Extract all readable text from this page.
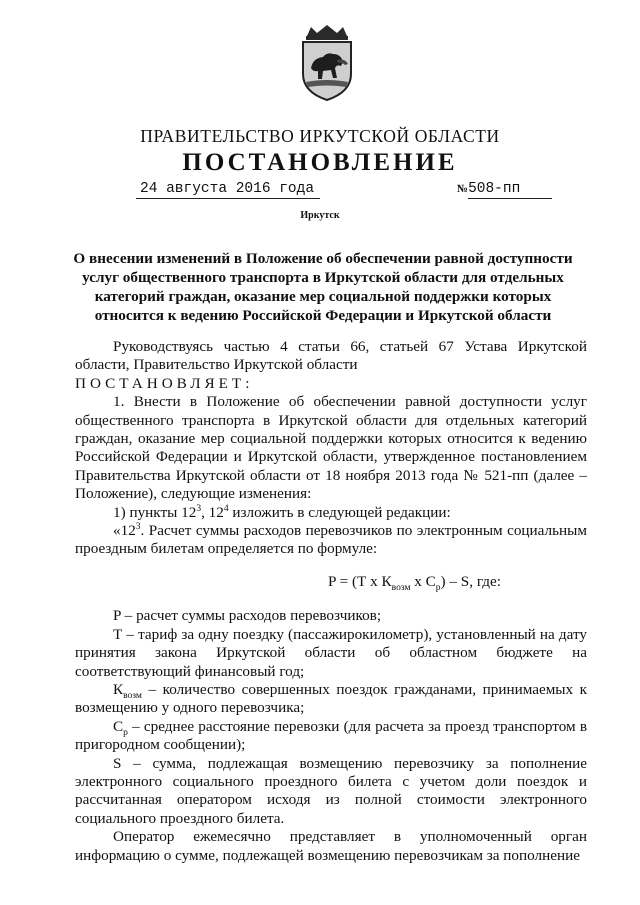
ПРАВИТЕЛЬСТВО ИРКУТСКОЙ ОБЛАСТИ
ПОСТАНОВЛЕНИЕ
24 августа 2016 года	№508-пп
Иркутск
О внесении изменений в Положение об обеспечении равной доступности услуг общественного транспорта в Иркутской области для отдельных категорий граждан, оказание мер социальной поддержки которых относится к ведению Российской Федерации и Иркутской области

Руководствуясь частью 4 статьи 66, статьей 67 Устава Иркутской области, Правительство Иркутской области

ПОСТАНОВЛЯЕТ:

1. Внести в Положение об обеспечении равной доступности услуг общественного транспорта в Иркутской области для отдельных категорий граждан, оказание мер социальной поддержки которых относится к ведению Российской Федерации и Иркутской области, утвержденное постановлением Правительства Иркутской области от 18 ноября 2013 года № 521-пп (далее – Положение), следующие изменения:

1) пункты $12^3$, $12^4$ изложить в следующей редакции:

«$12^3$. Расчет суммы расходов перевозчиков по электронным социальным проездным билетам определяется по формуле:

P = (Т х $К_{возм}$ х $С_р$) – S, где:

P – расчет суммы расходов перевозчиков;

Т – тариф за одну поездку (пассажирокилометр), установленный на дату принятия закона Иркутской области об областном бюджете на соответствующий финансовый год;

$К_{возм}$ – количество совершенных поездок гражданами, принимаемых к возмещению у одного перевозчика;

$С_р$ – среднее расстояние перевозки (для расчета за проезд транспортом в пригородном сообщении);

S – сумма, подлежащая возмещению перевозчику за пополнение электронного социального проездного билета с учетом доли поездок и рассчитанная оператором исходя из полной стоимости электронного социального проездного билета.

Оператор ежемесячно представляет в уполномоченный орган информацию о сумме, подлежащей возмещению перевозчикам за пополнение
